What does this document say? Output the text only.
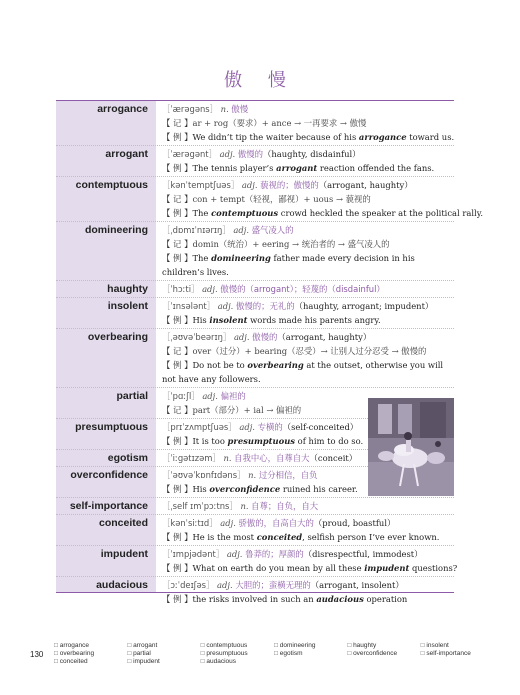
傲 慢
arrogance	［ˈærəgəns］ n. 傲慢
【 记 】ar + rog（要求）+ ance → 一再要求 → 傲慢
【 例 】We didn’t tip the waiter because of his arrogance toward us.
arrogant	［ˈærəgənt］ adj. 傲慢的（haughty, disdainful）
【 例 】The tennis player’s arrogant reaction offended the fans.
contemptuous	［kənˈtemptʃuəs］ adj. 藐视的；傲慢的（arrogant, haughty）
【 记 】con + tempt（轻视，鄙视）+ uous → 藐视的
【 例 】The contemptuous crowd heckled the speaker at the political rally.
domineering	［ˌdɒmɪˈnɪərɪŋ］ adj. 盛气凌人的
【 记 】domin（统治）+ eering → 统治者的 → 盛气凌人的
【 例 】The domineering father made every decision in his children’s lives.
haughty	［ˈhɔːti］ adj. 傲慢的（arrogant）；轻蔑的（disdainful）
insolent	［ˈɪnsələnt］ adj. 傲慢的；无礼的（haughty, arrogant; impudent）
【 例 】His insolent words made his parents angry.
overbearing	［ˌəʊvəˈbeərɪŋ］ adj. 傲慢的（arrogant, haughty）
【 记 】over（过分）+ bearing（忍受）→ 让别人过分忍受 → 傲慢的
【 例 】Do not be to overbearing at the outset, otherwise you will not have any followers.
partial	［ˈpɑːʃl］ adj. 偏袒的
【 记 】part（部分）+ ial → 偏袒的
presumptuous	［prɪˈzʌmptʃuəs］ adj. 专横的（self-conceited）
【 例 】It is too presumptuous of him to do so.
egotism	［ˈiːgətɪzəm］ n. 自我中心，自尊自大（conceit）
overconfidence	［ˈəʊvəˈkɒnfɪdəns］ n. 过分相信，自负
【 例 】His overconfidence ruined his career.
self-importance	［ˌself ɪmˈpɔːtns］ n. 自尊；自负，自大
conceited	［kənˈsiːtɪd］ adj. 骄傲的，自高自大的（proud, boastful）
【 例 】He is the most conceited, selfish person I’ve ever known.
impudent	［ˈɪmpjədənt］ adj. 鲁莽的；厚颜的（disrespectful, immodest）
【 例 】What on earth do you mean by all these impudent questions?
audacious	［ɔːˈdeɪʃəs］ adj. 大胆的；蛮横无理的（arrogant, insolent）
【 例 】the risks involved in such an audacious operation
130
□ arrogance	□ arrogant	□ contemptuous	□ domineering	□ haughty	□ insolent
□ overbearing	□ partial	□ presumptuous	□ egotism	□ overconfidence	□ self-importance
□ conceited	□ impudent	□ audacious
